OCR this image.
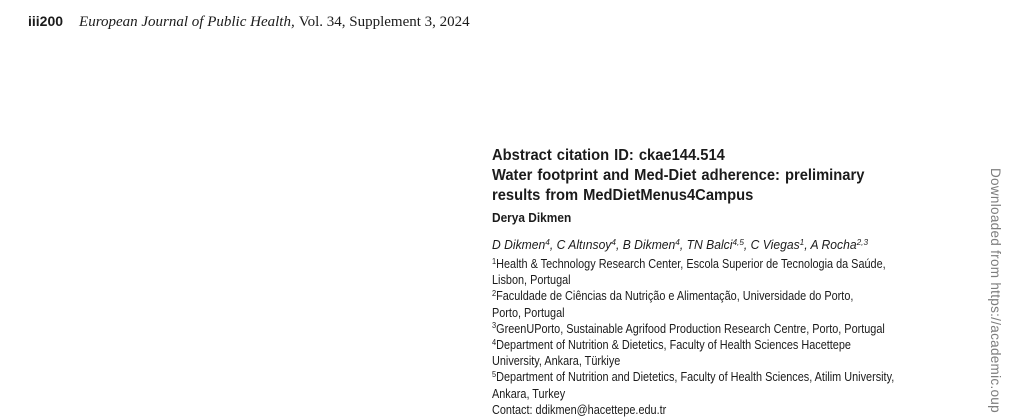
iii200 European Journal of Public Health, Vol. 34, Supplement 3, 2024
Abstract citation ID: ckae144.514
Water footprint and Med-Diet adherence: preliminary
results from MedDietMenus4Campus
Derya Dikmen
D Dikmen$^4$, C Altınsoy$^4$, B Dikmen$^4$, TN Balci$^{4,5}$, C Viegas$^1$, A Rocha$^{2,3}$
$^1$Health & Technology Research Center, Escola Superior de Tecnologia da Saúde,
Lisbon, Portugal
$^2$Faculdade de Ciências da Nutrição e Alimentação, Universidade do Porto,
Porto, Portugal
$^3$GreenUPorto, Sustainable Agrifood Production Research Centre, Porto, Portugal
$^4$Department of Nutrition & Dietetics, Faculty of Health Sciences Hacettepe
University, Ankara, Türkiye
$^5$Department of Nutrition and Dietetics, Faculty of Health Sciences, Atilim University,
Ankara, Turkey
Contact: ddikmen@hacettepe.edu.tr	Downloaded from https://academic.oup
